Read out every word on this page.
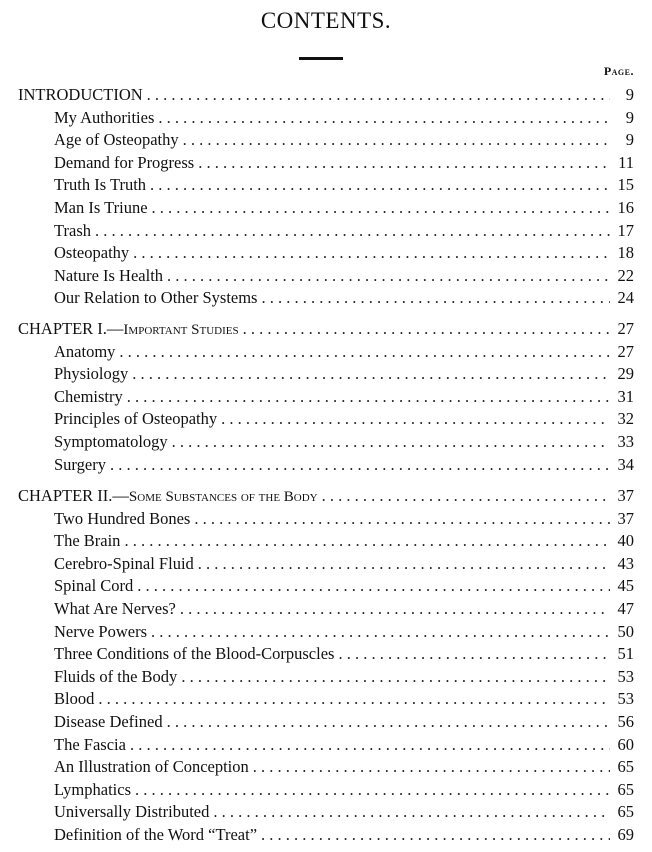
CONTENTS.
Page.
INTRODUCTION . . .	9
My Authorities . . .	9
Age of Osteopathy . . .	9
Demand for Progress . . .	11
Truth Is Truth . . .	15
Man Is Triune . . .	16
Trash . . .	17
Osteopathy . . .	18
Nature Is Health . . .	22
Our Relation to Other Systems . . .	24
CHAPTER I.— Important Studies . . .	27
Anatomy . . .	27
Physiology . . .	29
Chemistry . . .	31
Principles of Osteopathy . . .	32
Symptomatology . . .	33
Surgery . . .	34
CHAPTER II.— Some Substances of the Body . . .	37
Two Hundred Bones . . .	37
The Brain . . .	40
Cerebro-Spinal Fluid . . .	43
Spinal Cord . . .	45
What Are Nerves? . . .	47
Nerve Powers . . .	50
Three Conditions of the Blood-Corpuscles . . .	51
Fluids of the Body . . .	53
Blood . . .	53
Disease Defined . . .	56
The Fascia . . .	60
An Illustration of Conception . . .	65
Lymphatics . . .	65
Universally Distributed . . .	65
Definition of the Word “Treat” . . .	69
